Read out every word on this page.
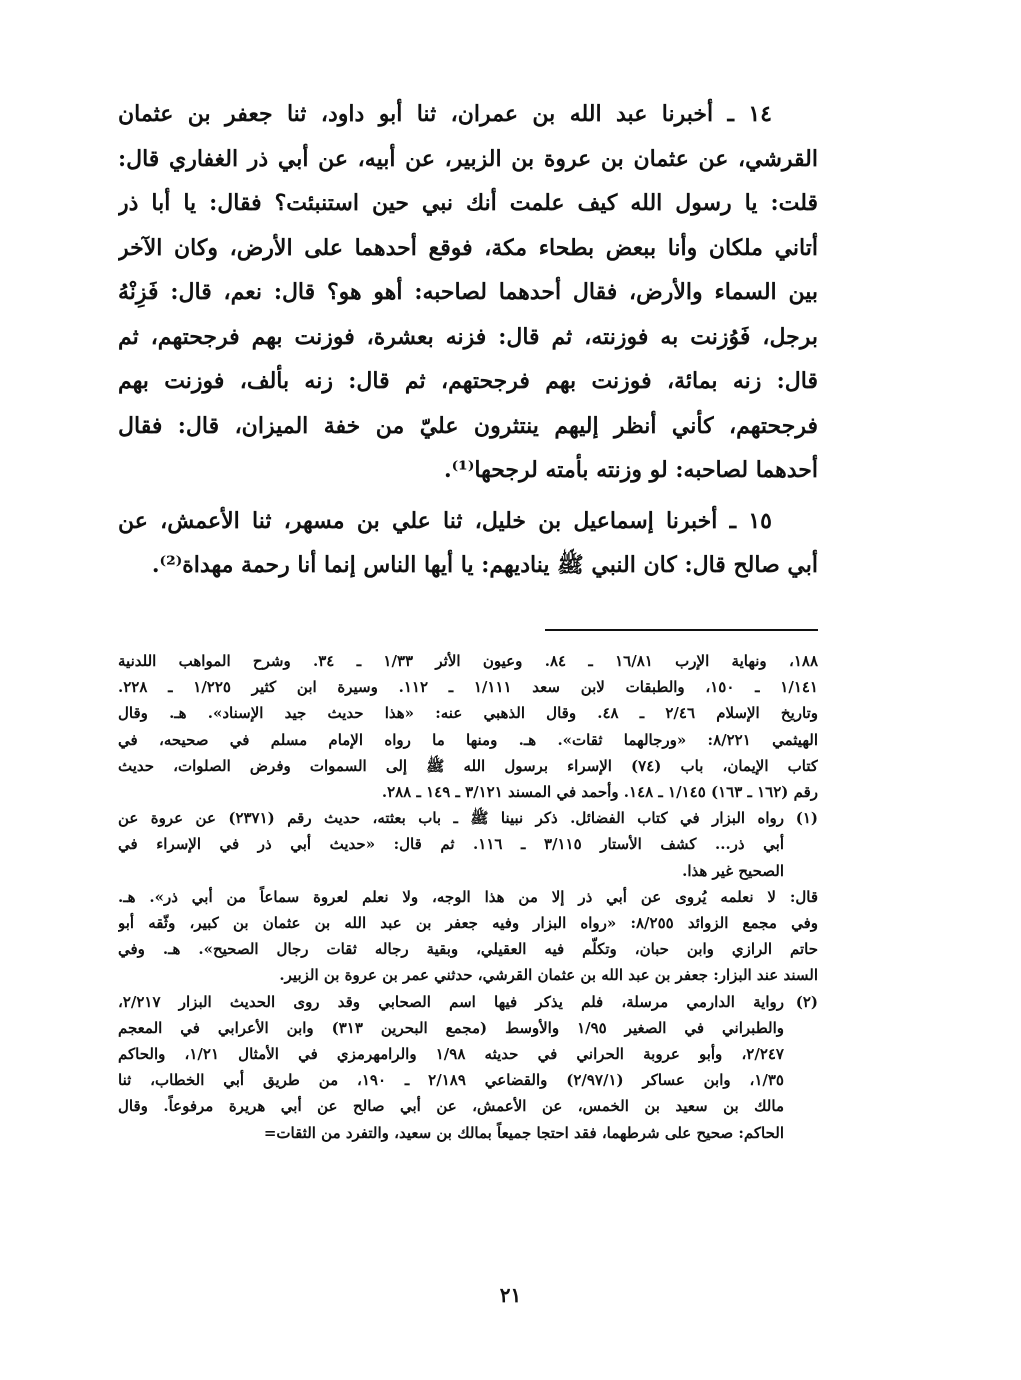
١٤ ـ أخبرنا عبد الله بن عمران، ثنا أبو داود، ثنا جعفر بن عثمان
القرشي، عن عثمان بن عروة بن الزبير، عن أبيه، عن أبي ذر الغفاري قال:
قلت: يا رسول الله كيف علمت أنك نبي حين استنبئت؟ فقال: يا أبا ذر
أتاني ملكان وأنا ببعض بطحاء مكة، فوقع أحدهما على الأرض، وكان الآخر
بين السماء والأرض، فقال أحدهما لصاحبه: أهو هو؟ قال: نعم، قال: فَزِنْهُ
برجل، فَوُزنت به فوزنته، ثم قال: فزنه بعشرة، فوزنت بهم فرجحتهم، ثم
قال: زنه بمائة، فوزنت بهم فرجحتهم، ثم قال: زنه بألف، فوزنت بهم
فرجحتهم، كأني أنظر إليهم ينتثرون عليّ من خفة الميزان، قال: فقال
أحدهما لصاحبه: لو وزنته بأمته لرجحها⁽¹⁾.

١٥ ـ أخبرنا إسماعيل بن خليل، ثنا علي بن مسهر، ثنا الأعمش، عن
أبي صالح قال: كان النبي ﷺ يناديهم: يا أيها الناس إنما أنا رحمة مهداة⁽²⁾.

١٨٨، ونهاية الإرب ١٦/٨١ ـ ٨٤. وعيون الأثر ١/٣٣ ـ ٣٤. وشرح المواهب اللدنية
١/١٤١ ـ ١٥٠، والطبقات لابن سعد ١/١١١ ـ ١١٢. وسيرة ابن كثير ١/٢٢٥ ـ ٢٢٨.
وتاريخ الإسلام ٢/٤٦ ـ ٤٨. وقال الذهبي عنه: «هذا حديث جيد الإسناد». هـ. وقال
الهيثمي ٨/٢٢١: «ورجالهما ثقات». هـ. ومنها ما رواه الإمام مسلم في صحيحه، في
كتاب الإيمان، باب (٧٤) الإسراء برسول الله ﷺ إلى السموات وفرض الصلوات، حديث
رقم (١٦٢ ـ ١٦٣) ١/١٤٥ ـ ١٤٨. وأحمد في المسند ٣/١٢١ ـ ١٤٩ ـ ٢٨٨.
(١)
رواه البزار في كتاب الفضائل. ذكر نبينا ﷺ ـ باب بعثته، حديث رقم (٢٣٧١) عن عروة عن
أبي ذر... كشف الأستار ٣/١١٥ ـ ١١٦. ثم قال: «حديث أبي ذر في الإسراء في
الصحيح غير هذا.
قال: لا نعلمه يُروى عن أبي ذر إلا من هذا الوجه، ولا نعلم لعروة سماعاً من أبي ذر». هـ.
وفي مجمع الزوائد ٨/٢٥٥: «رواه البزار وفيه جعفر بن عبد الله بن عثمان بن كبير، وثّقه أبو
حاتم الرازي وابن حبان، وتكلّم فيه العقيلي، وبقية رجاله ثقات رجال الصحيح». هـ. وفي
السند عند البزار: جعفر بن عبد الله بن عثمان القرشي، حدثني عمر بن عروة بن الزبير.
(٢)
رواية الدارمي مرسلة، فلم يذكر فيها اسم الصحابي وقد روى الحديث البزار ٢/٢١٧،
والطبراني في الصغير ١/٩٥ والأوسط (مجمع البحرين ٣١٣) وابن الأعرابي في المعجم
٢/٢٤٧، وأبو عروبة الحراني في حديثه ١/٩٨ والرامهرمزي في الأمثال ١/٢١، والحاكم
١/٣٥، وابن عساكر (٢/٩٧/١) والقضاعي ٢/١٨٩ ـ ١٩٠، من طريق أبي الخطاب، ثنا
مالك بن سعيد بن الخمس، عن الأعمش، عن أبي صالح عن أبي هريرة مرفوعاً. وقال
الحاكم: صحيح على شرطهما، فقد احتجا جميعاً بمالك بن سعيد، والتفرد من الثقات=
٢١
